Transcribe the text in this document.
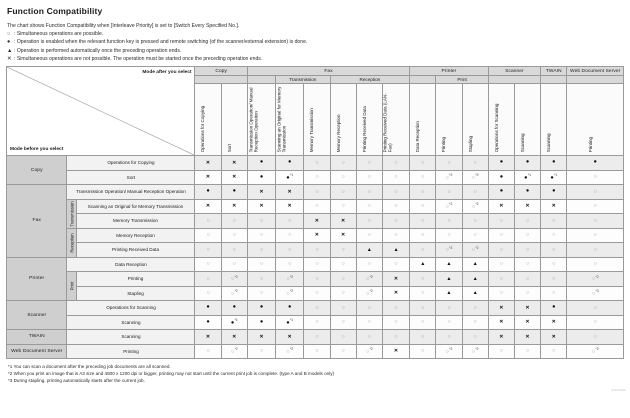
Function Compatibility
The chart shows Function Compatibility when [Interleave Priority] is set to [Switch Every Specified No.].
○ : Simultaneous operations are possible.
● : Operation is enabled when the relevant function key is pressed and remote switching (of the scanner/external extension) is done.
▲ : Operation is performed automatically once the preceding operation ends.
✕ : Simultaneous operations are not possible. The operation must be started once the preceding operation ends.
Mode after you select
Mode before you select			Copy		Fax						Printer			Scanner		TWAIN	Web Document Server
						Transmission		Reception				Print					

			Operations for Copying	Sort	Transmission Operation/ Manual Reception Operation	Scanning an Original for Memory Transmission	Memory Transmission	Memory Reception	Printing Received Data	Printing Received Data (LAN-Fax)	Data Reception	Printing	Stapling	Operations for Scanning	Scanning	Scanning	Printing

Copy	Operations for Copying		✕	✕	●	●	○	○	○	○	○	○	○	●	●	●	●
	Sort		✕	✕	●	●$^{*1}$	○	○	○	○	○	○$^{*2}$	○$^{*2}$	●	●$^{*1}$	●$^{*1}$	○
Fax	Transmission Operation/ Manual Reception Operation		●	●	✕	✕	○	○	○	○	○	○	○	●	●	●	○

	Transmission	Scanning an Original for Memory Transmission	✕	✕	✕	✕	○	○	○	○	○	○$^{*2}$	○$^{*2}$	✕	✕	✕	○
		Memory Transmission	○	○	○	○	✕	✕	○	○	○	○	○	○	○	○	○

	Reception	Memory Reception	○	○	○	○	✕	✕	○	○	○	○	○	○	○	○	○
		Printing Received Data	○	○	○	○	○	○	▲	▲	○	○$^{*2}$	○$^{*2}$	○	○	○	○
Printer	Data Reception		○	○	○	○	○	○	○	○	▲	▲	▲	○	○	○	○

	Print	Printing	○	○$^{*2}$	○	○$^{*2}$	○	○	○$^{*2}$	✕	○	▲	▲	○	○	○	○$^{*2}$
		Stapling	○	○$^{*2}$	○	○$^{*2}$	○	○	○$^{*2}$	✕	○	▲	▲	○	○	○	○$^{*3}$
Scanner	Operations for Scanning		●	●	●	●	○	○	○	○	○	○	○	✕	✕	●	○
	Scanning		●	●$^{*1}$	●	●$^{*1}$	○	○	○	○	○	○	○	✕	✕	✕	○
TWAIN	Scanning		✕	✕	✕	✕	○	○	○	○	○	○	○	✕	✕	✕	○
Web Document Server	Printing		○	○$^{*2}$	○	○$^{*2}$	○	○	○$^{*2}$	✕	○	○$^{*2}$	○$^{*2}$	○	○	○	○$^{*2}$
*1 You can scan a document after the preceding job documents are all scanned.
*2 When you print an image that is A3 size and 4800 x 1200 dpi or bigger, printing may not start until the current print job is complete. (type A and B models only)
*3 During stapling, printing automatically starts after the current job.
ZJKA001
